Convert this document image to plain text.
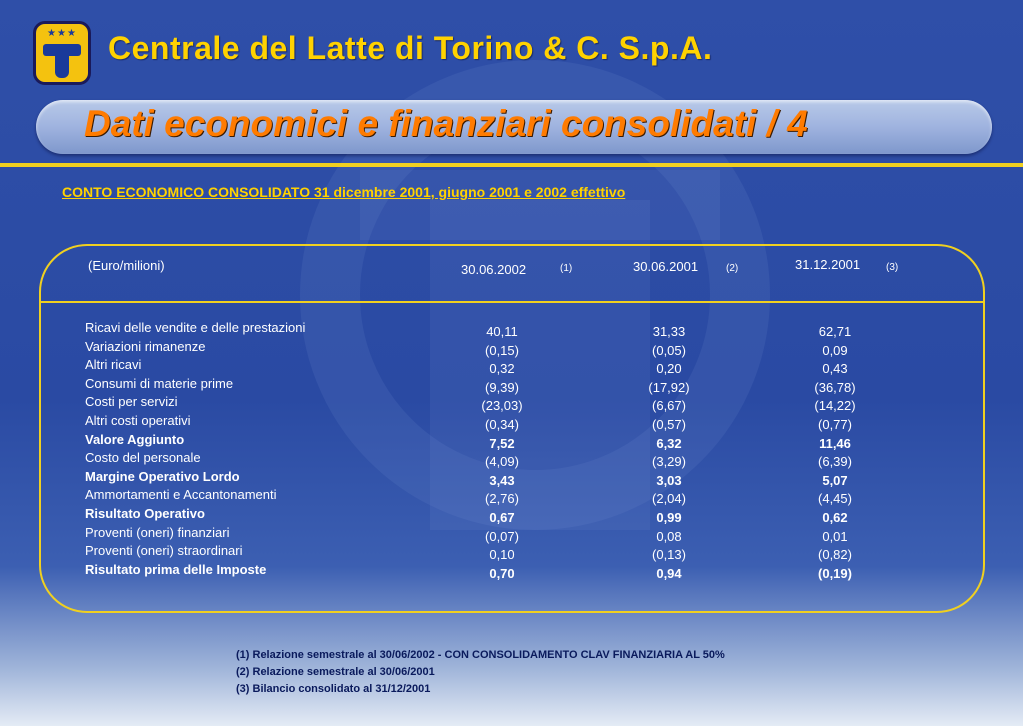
★★★ Centrale del Latte di Torino & C. S.p.A.
Dati economici e finanziari consolidati / 4
CONTO ECONOMICO CONSOLIDATO 31 dicembre 2001, giugno 2001 e 2002 effettivo
(Euro/milioni)	30.06.2002	(1)	30.06.2001	(2)	31.12.2001	(3)
Ricavi delle vendite e delle prestazioni	40,11	31,33	62,71
Variazioni rimanenze	(0,15)	(0,05)	0,09
Altri ricavi	0,32	0,20	0,43
Consumi di materie prime	(9,39)	(17,92)	(36,78)
Costi per servizi	(23,03)	(6,67)	(14,22)
Altri costi operativi	(0,34)	(0,57)	(0,77)
Valore Aggiunto	7,52	6,32	11,46
Costo del personale	(4,09)	(3,29)	(6,39)
Margine Operativo Lordo	3,43	3,03	5,07
Ammortamenti e Accantonamenti	(2,76)	(2,04)	(4,45)
Risultato Operativo	0,67	0,99	0,62
Proventi (oneri) finanziari	(0,07)	0,08	0,01
Proventi (oneri) straordinari	0,10	(0,13)	(0,82)
Risultato prima delle Imposte	0,70	0,94	(0,19)
(1) Relazione semestrale al 30/06/2002 - CON CONSOLIDAMENTO CLAV FINANZIARIA AL 50%
(2) Relazione semestrale al 30/06/2001
(3) Bilancio consolidato al 31/12/2001
